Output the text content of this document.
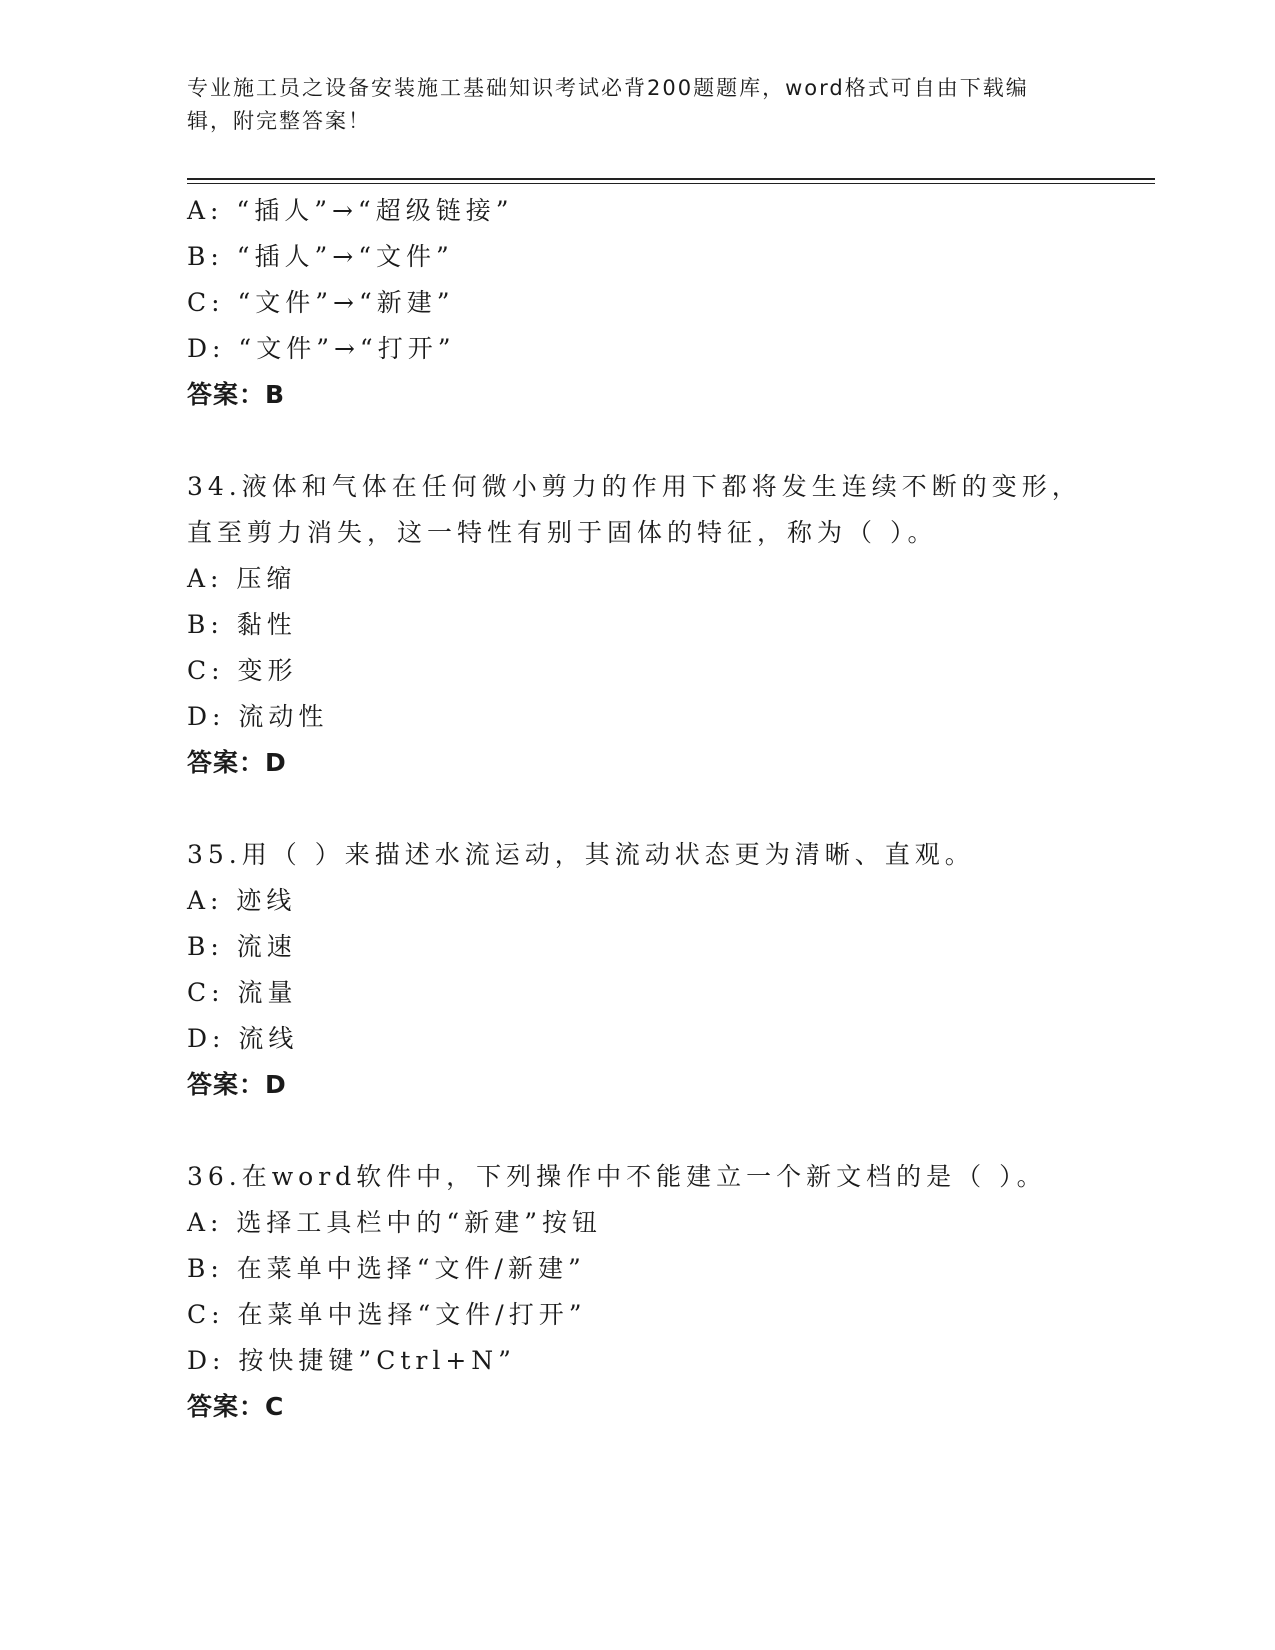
专业施工员之设备安装施工基础知识考试必背200题题库，word格式可自由下载编辑，附完整答案！
A: “插人”→“超级链接”
B: “插人”→“文件”
C: “文件”→“新建”
D: “文件”→“打开”
答案：B
34.液体和气体在任何微小剪力的作用下都将发生连续不断的变形，直至剪力消失，这一特性有别于固体的特征，称为（ ）。
A: 压缩
B: 黏性
C: 变形
D: 流动性
答案：D
35.用（ ）来描述水流运动，其流动状态更为清晰、直观。
A: 迹线
B: 流速
C: 流量
D: 流线
答案：D
36.在word软件中，下列操作中不能建立一个新文档的是（ ）。
A: 选择工具栏中的“新建”按钮
B: 在菜单中选择“文件/新建”
C: 在菜单中选择“文件/打开”
D: 按快捷键”Ctrl+N”
答案：C
